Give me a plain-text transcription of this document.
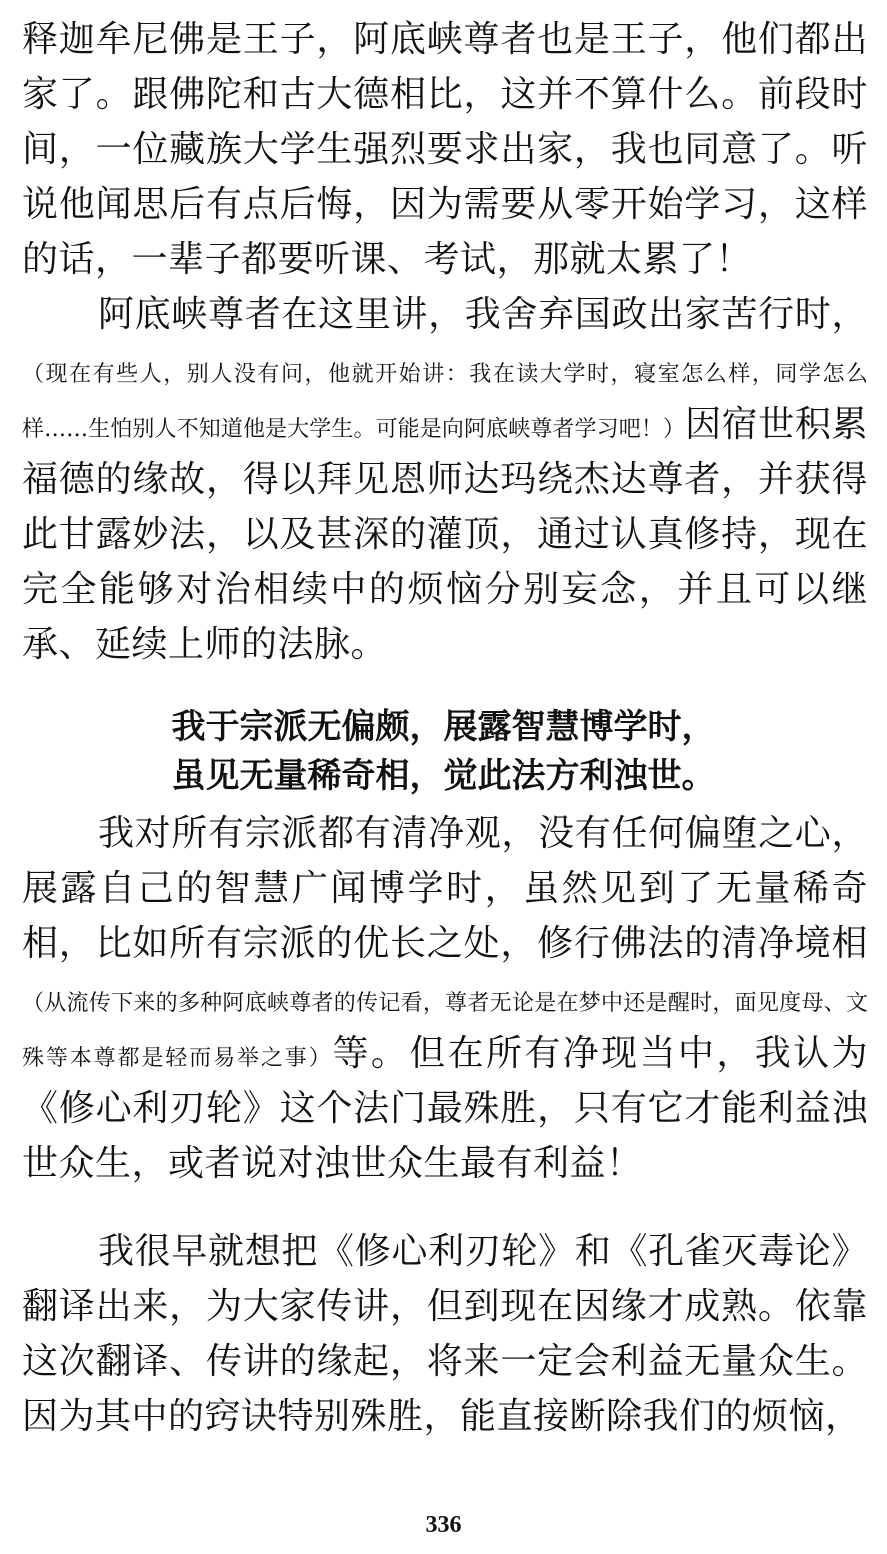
释迦牟尼佛是王子，阿底峡尊者也是王子，他们都出家了。跟佛陀和古大德相比，这并不算什么。前段时间，一位藏族大学生强烈要求出家，我也同意了。听说他闻思后有点后悔，因为需要从零开始学习，这样的话，一辈子都要听课、考试，那就太累了！
阿底峡尊者在这里讲，我舍弃国政出家苦行时，（现在有些人，别人没有问，他就开始讲：我在读大学时，寝室怎么样，同学怎么样……生怕别人不知道他是大学生。可能是向阿底峡尊者学习吧！）因宿世积累福德的缘故，得以拜见恩师达玛绕杰达尊者，并获得此甘露妙法，以及甚深的灌顶，通过认真修持，现在完全能够对治相续中的烦恼分别妄念，并且可以继承、延续上师的法脉。
我于宗派无偏颇，展露智慧博学时，
虽见无量稀奇相，觉此法方利浊世。
我对所有宗派都有清净观，没有任何偏堕之心，展露自己的智慧广闻博学时，虽然见到了无量稀奇相，比如所有宗派的优长之处，修行佛法的清净境相（从流传下来的多种阿底峡尊者的传记看，尊者无论是在梦中还是醒时，面见度母、文殊等本尊都是轻而易举之事）等。但在所有净现当中，我认为《修心利刃轮》这个法门最殊胜，只有它才能利益浊世众生，或者说对浊世众生最有利益！
我很早就想把《修心利刃轮》和《孔雀灭毒论》翻译出来，为大家传讲，但到现在因缘才成熟。依靠这次翻译、传讲的缘起，将来一定会利益无量众生。因为其中的窍诀特别殊胜，能直接断除我们的烦恼，
336
